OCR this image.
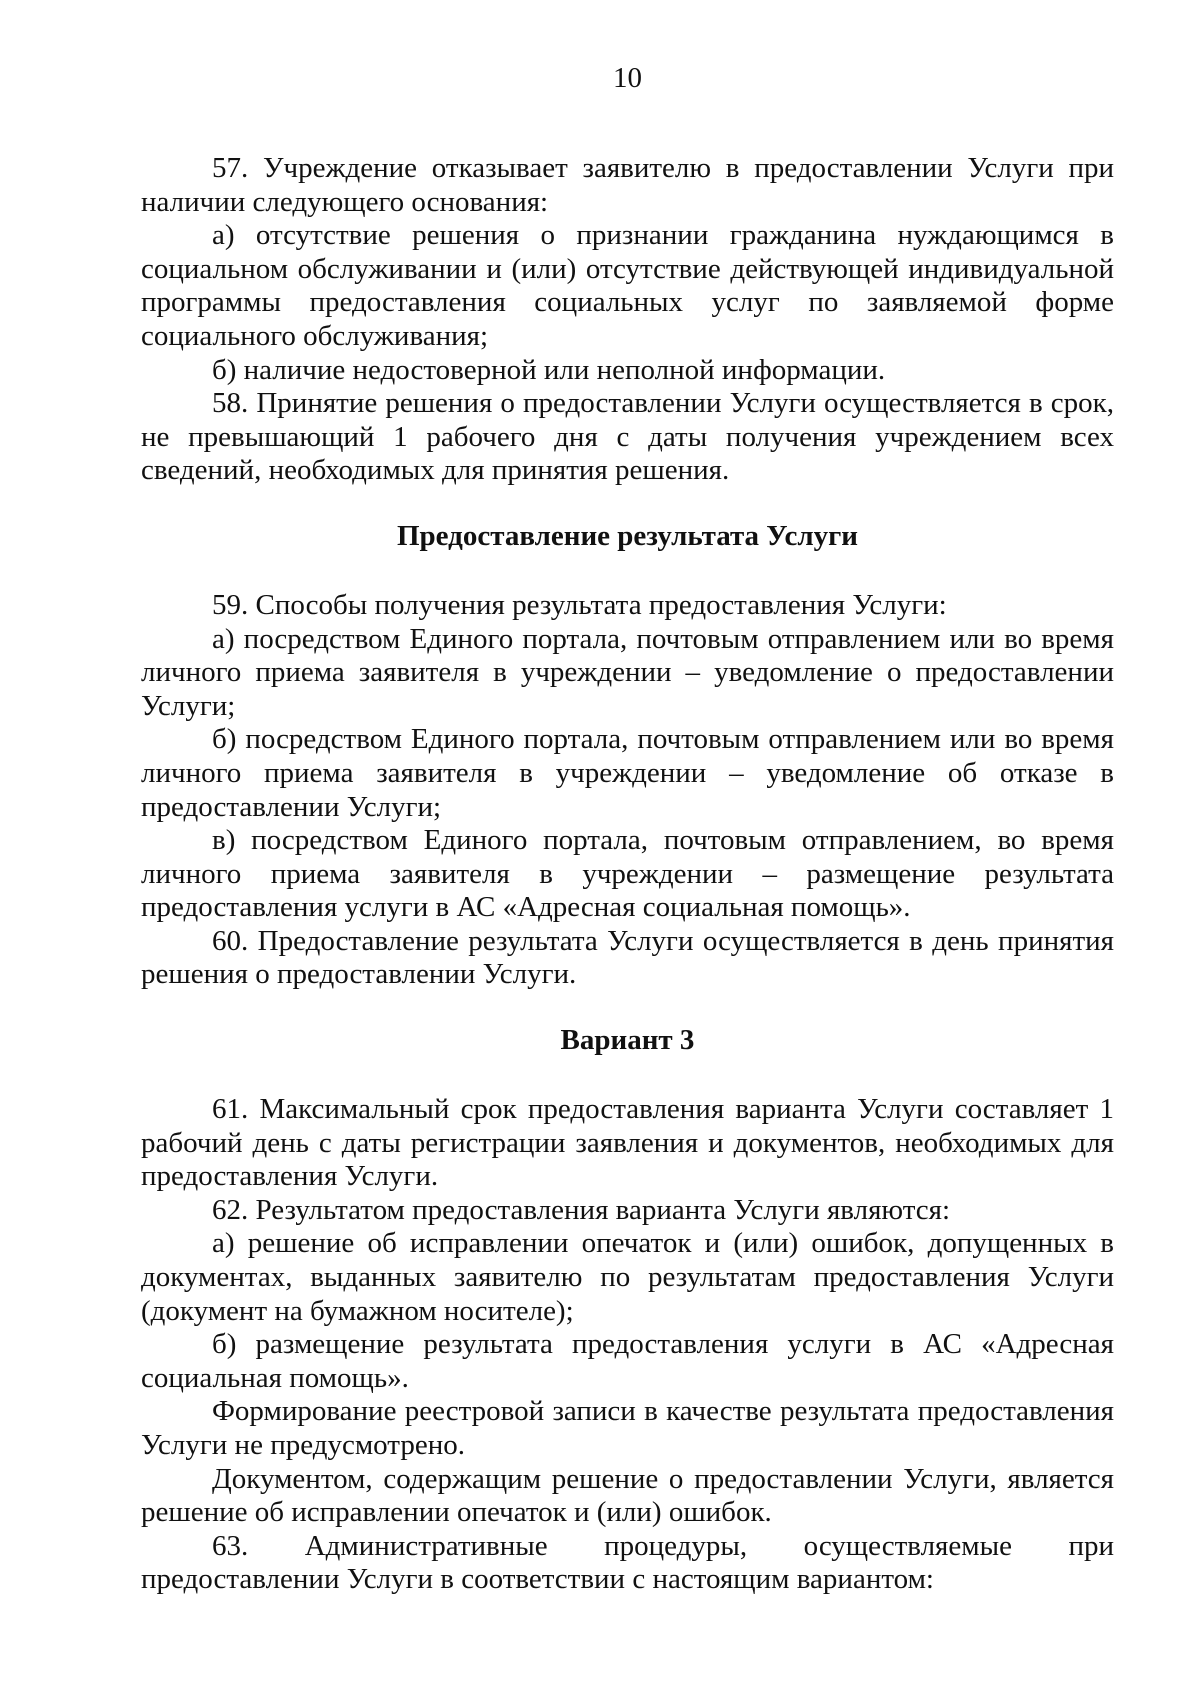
10

57. Учреждение отказывает заявителю в предоставлении Услуги при наличии следующего основания:

а) отсутствие решения о признании гражданина нуждающимся в социальном обслуживании и (или) отсутствие действующей индивидуальной программы предоставления социальных услуг по заявляемой форме социального обслуживания;

б) наличие недостоверной или неполной информации.

58. Принятие решения о предоставлении Услуги осуществляется в срок, не превышающий 1 рабочего дня с даты получения учреждением всех сведений, необходимых для принятия решения.

Предоставление результата Услуги

59. Способы получения результата предоставления Услуги:

а) посредством Единого портала, почтовым отправлением или во время личного приема заявителя в учреждении – уведомление о предоставлении Услуги;

б) посредством Единого портала, почтовым отправлением или во время личного приема заявителя в учреждении – уведомление об отказе в предоставлении Услуги;

в) посредством Единого портала, почтовым отправлением, во время личного приема заявителя в учреждении – размещение результата предоставления услуги в АС «Адресная социальная помощь».

60. Предоставление результата Услуги осуществляется в день принятия решения о предоставлении Услуги.

Вариант 3

61. Максимальный срок предоставления варианта Услуги составляет 1 рабочий день с даты регистрации заявления и документов, необходимых для предоставления Услуги.

62. Результатом предоставления варианта Услуги являются:

а) решение об исправлении опечаток и (или) ошибок, допущенных в документах, выданных заявителю по результатам предоставления Услуги (документ на бумажном носителе);

б) размещение результата предоставления услуги в АС «Адресная социальная помощь».

Формирование реестровой записи в качестве результата предоставления Услуги не предусмотрено.

Документом, содержащим решение о предоставлении Услуги, является решение об исправлении опечаток и (или) ошибок.

63. Административные процедуры, осуществляемые при предоставлении Услуги в соответствии с настоящим вариантом:
